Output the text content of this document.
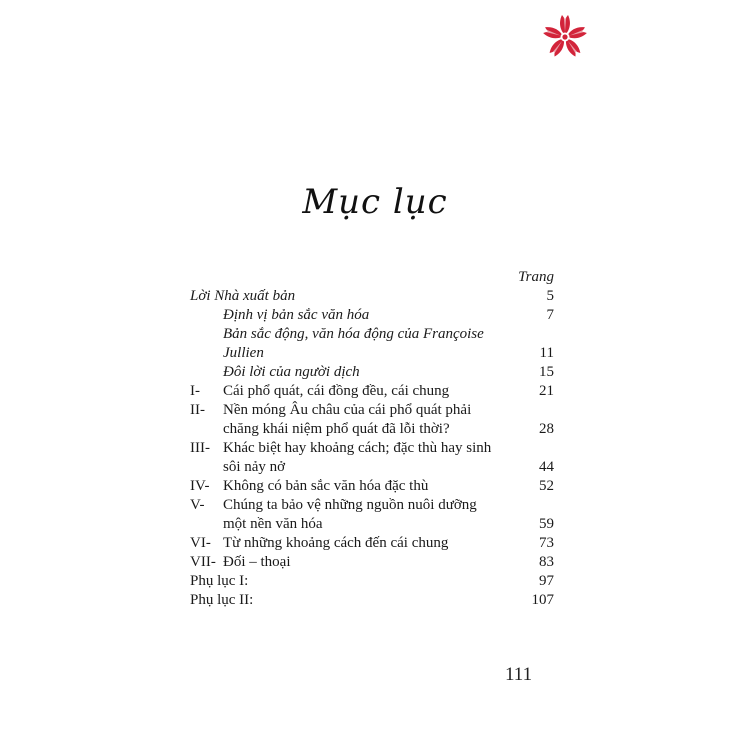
Mục lục
Trang
Lời Nhà xuất bản	5
Định vị bản sắc văn hóa	7
Bản sắc động, văn hóa động của Françoise
Jullien	11
Đôi lời của người dịch	15
I- Cái phổ quát, cái đồng đều, cái chung	21
II- Nền móng Âu châu của cái phổ quát phải
chăng khái niệm phổ quát đã lỗi thời?	28
III- Khác biệt hay khoảng cách; đặc thù hay sinh
sôi nảy nở	44
IV- Không có bản sắc văn hóa đặc thù	52
V- Chúng ta bảo vệ những nguồn nuôi dưỡng
một nền văn hóa	59
VI- Từ những khoảng cách đến cái chung	73
VII- Đối – thoại	83
Phụ lục I:	97
Phụ lục II:	107
111
